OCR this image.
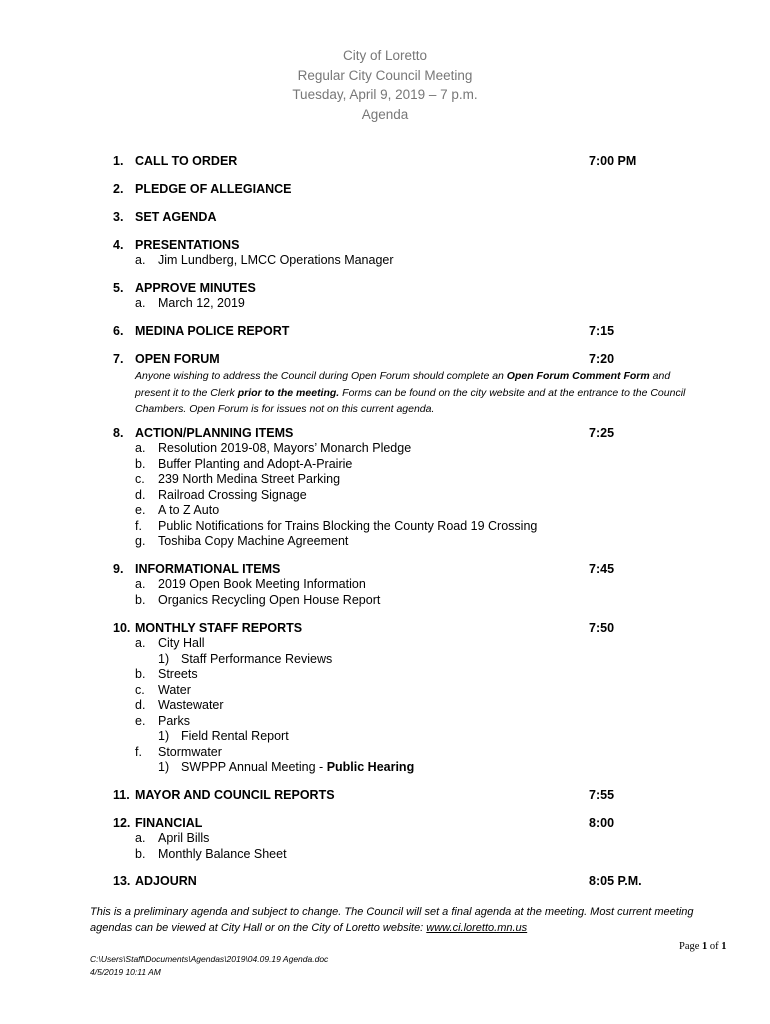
City of Loretto
Regular City Council Meeting
Tuesday, April 9, 2019 – 7 p.m.
Agenda
1. CALL TO ORDER	7:00 PM
2. PLEDGE OF ALLEGIANCE
3. SET AGENDA
4. PRESENTATIONS
a. Jim Lundberg, LMCC Operations Manager
5. APPROVE MINUTES
a. March 12, 2019
6. MEDINA POLICE REPORT	7:15
7. OPEN FORUM	7:20
Anyone wishing to address the Council during Open Forum should complete an Open Forum Comment Form and present it to the Clerk prior to the meeting. Forms can be found on the city website and at the entrance to the Council Chambers. Open Forum is for issues not on this current agenda.
8. ACTION/PLANNING ITEMS	7:25
a. Resolution 2019-08, Mayors’ Monarch Pledge
b. Buffer Planting and Adopt-A-Prairie
c. 239 North Medina Street Parking
d. Railroad Crossing Signage
e. A to Z Auto
f. Public Notifications for Trains Blocking the County Road 19 Crossing
g. Toshiba Copy Machine Agreement
9. INFORMATIONAL ITEMS	7:45
a. 2019 Open Book Meeting Information
b. Organics Recycling Open House Report
10. MONTHLY STAFF REPORTS	7:50
a. City Hall
1) Staff Performance Reviews
b. Streets
c. Water
d. Wastewater
e. Parks
1) Field Rental Report
f. Stormwater
1) SWPPP Annual Meeting - Public Hearing
11. MAYOR AND COUNCIL REPORTS	7:55
12. FINANCIAL	8:00
a. April Bills
b. Monthly Balance Sheet
13. ADJOURN	8:05 P.M.
This is a preliminary agenda and subject to change. The Council will set a final agenda at the meeting. Most current meeting agendas can be viewed at City Hall or on the City of Loretto website: www.ci.loretto.mn.us
Page 1 of 1
C:\Users\Staff\Documents\Agendas\2019\04.09.19 Agenda.doc
4/5/2019 10:11 AM
